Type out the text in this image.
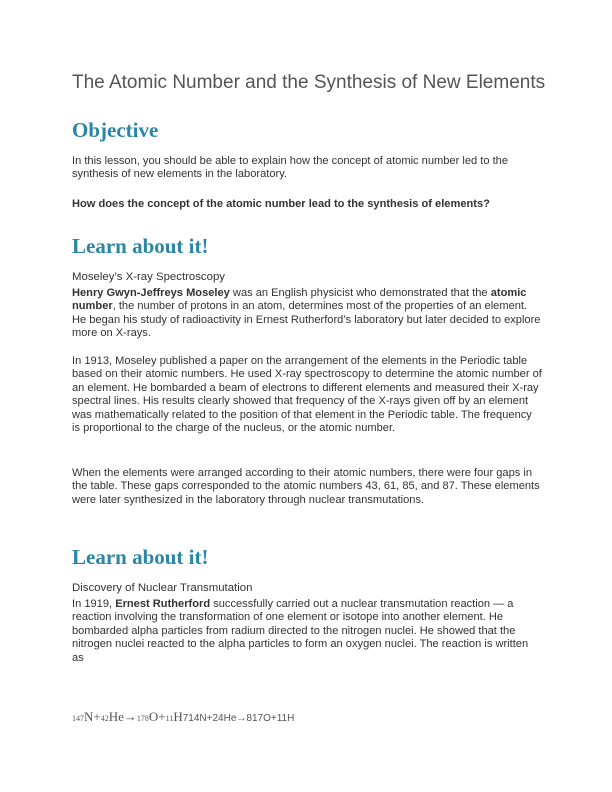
The Atomic Number and the Synthesis of New Elements
Objective

In this lesson, you should be able to explain how the concept of atomic number led to the synthesis of new elements in the laboratory.

How does the concept of the atomic number lead to the synthesis of elements?

Learn about it!

Moseley’s X-ray Spectroscopy

Henry Gwyn-Jeffreys Moseley was an English physicist who demonstrated that the atomic number, the number of protons in an atom, determines most of the properties of an element. He began his study of radioactivity in Ernest Rutherford’s laboratory but later decided to explore more on X-rays.

In 1913, Moseley published a paper on the arrangement of the elements in the Periodic table based on their atomic numbers. He used X-ray spectroscopy to determine the atomic number of an element. He bombarded a beam of electrons to different elements and measured their X-ray spectral lines. His results clearly showed that frequency of the X-rays given off by an element was mathematically related to the position of that element in the Periodic table. The frequency is proportional to the charge of the nucleus, or the atomic number.

When the elements were arranged according to their atomic numbers, there were four gaps in the table. These gaps corresponded to the atomic numbers 43, 61, 85, and 87. These elements were later synthesized in the laboratory through nuclear transmutations.

Learn about it!

Discovery of Nuclear Transmutation

In 1919, Ernest Rutherford successfully carried out a nuclear transmutation reaction — a reaction involving the transformation of one element or isotope into another element. He bombarded alpha particles from radium directed to the nitrogen nuclei. He showed that the nitrogen nuclei reacted to the alpha particles to form an oxygen nuclei. The reaction is written as

147N+42He→178O+11H714N+24He→817O+11H
